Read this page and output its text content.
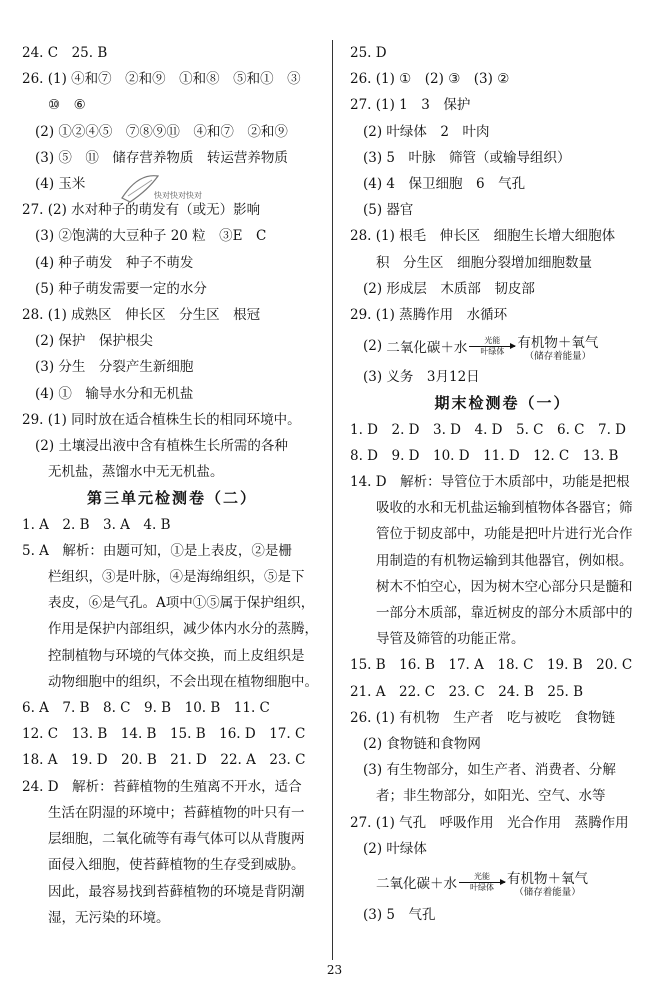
24. C　25. B
26. (1) ④和⑦　②和⑨　①和⑧　⑤和①　③
⑩　⑥
(2) ①②④⑤　⑦⑧⑨⑪　④和⑦　②和⑨
(3) ⑤　⑪　储存营养物质　转运营养物质
(4) 玉米
27. (2) 水对种子的萌发有（或无）影响
(3) ②饱满的大豆种子 20 粒　③E　C
(4) 种子萌发　种子不萌发
(5) 种子萌发需要一定的水分
28. (1) 成熟区　伸长区　分生区　根冠
(2) 保护　保护根尖
(3) 分生　分裂产生新细胞
(4) ①　输导水分和无机盐
29. (1) 同时放在适合植株生长的相同环境中。
(2) 土壤浸出液中含有植株生长所需的各种
无机盐，蒸馏水中无无机盐。
第三单元检测卷（二）
1. A　2. B　3. A　4. B
5. A　解析：由题可知，①是上表皮，②是栅
栏组织，③是叶脉，④是海绵组织，⑤是下
表皮，⑥是气孔。A项中①⑤属于保护组织，
作用是保护内部组织，减少体内水分的蒸腾，
控制植物与环境的气体交换，而上皮组织是
动物细胞中的组织，不会出现在植物细胞中。
6. A　7. B　8. C　9. B　10. B　11. C
12. C　13. B　14. B　15. B　16. D　17. C
18. A　19. D　20. B　21. D　22. A　23. C
24. D　解析：苔藓植物的生殖离不开水，适合
生活在阴湿的环境中；苔藓植物的叶只有一
层细胞，二氧化硫等有毒气体可以从背腹两
面侵入细胞，使苔藓植物的生存受到威胁。
因此，最容易找到苔藓植物的环境是背阴潮
湿，无污染的环境。
25. D
26. (1) ①　(2) ③　(3) ②
27. (1) 1　3　保护
(2) 叶绿体　2　叶肉
(3) 5　叶脉　筛管（或输导组织）
(4) 4　保卫细胞　6　气孔
(5) 器官
28. (1) 根毛　伸长区　细胞生长增大细胞体
积　分生区　细胞分裂增加细胞数量
(2) 形成层　木质部　韧皮部
29. (1) 蒸腾作用　水循环
(2) 二氧化碳＋水 光能
叶绿体
有机物＋氧气
（储存着能量）
(3) 义务　3月12日
期末检测卷（一）
1. D　2. D　3. D　4. D　5. C　6. C　7. D
8. D　9. D　10. D　11. D　12. C　13. B
14. D　解析：导管位于木质部中，功能是把根
吸收的水和无机盐运输到植物体各器官；筛
管位于韧皮部中，功能是把叶片进行光合作
用制造的有机物运输到其他器官，例如根。
树木不怕空心，因为树木空心部分只是髓和
一部分木质部，靠近树皮的部分木质部中的
导管及筛管的功能正常。
15. B　16. B　17. A　18. C　19. B　20. C
21. A　22. C　23. C　24. B　25. B
26. (1) 有机物　生产者　吃与被吃　食物链
(2) 食物链和食物网
(3) 有生物部分，如生产者、消费者、分解
者；非生物部分，如阳光、空气、水等
27. (1) 气孔　呼吸作用　光合作用　蒸腾作用
(2) 叶绿体
二氧化碳＋水 光能
叶绿体
有机物＋氧气
（储存着能量）
(3) 5　气孔
快对快对快对
23
